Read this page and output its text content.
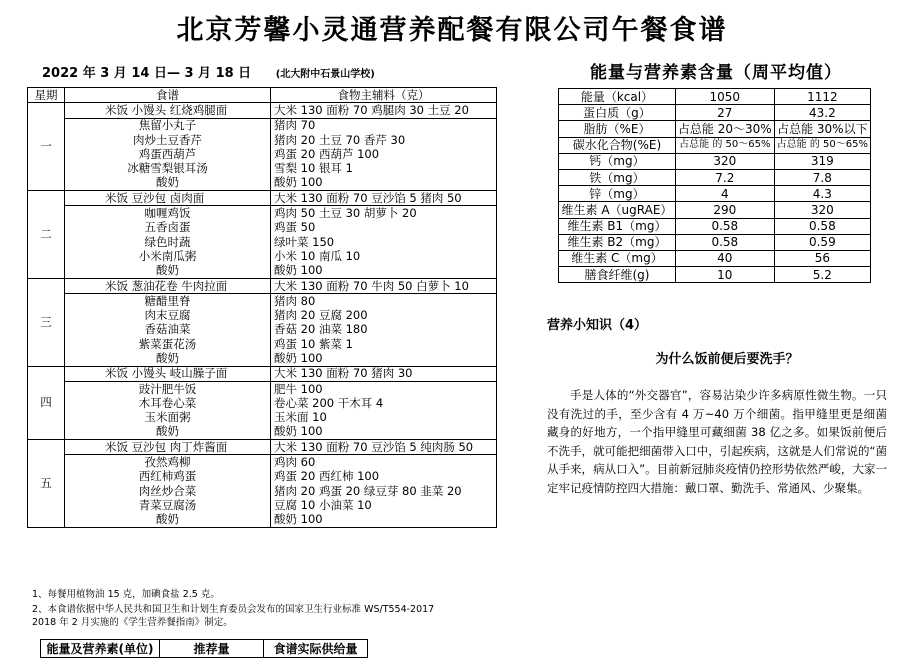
北京芳馨小灵通营养配餐有限公司午餐食谱
2022 年 3 月 14 日— 3 月 18 日 (北大附中石景山学校)	能量与营养素含量（周平均值）
星期	食谱	食物主辅料（克）
一	米饭 小馒头 红烧鸡腿面	大米 130 面粉 70 鸡腿肉 30 土豆 20
	焦留小丸子	猪肉 70
	肉炒土豆香芹	猪肉 20 土豆 70 香芹 30
	鸡蛋西葫芦	鸡蛋 20 西葫芦 100
	冰糖雪梨银耳汤	雪梨 10 银耳 1
	酸奶	酸奶 100
二	米饭 豆沙包 卤肉面	大米 130 面粉 70 豆沙馅 5 猪肉 50
	咖喱鸡饭	鸡肉 50 土豆 30 胡萝卜 20
	五香卤蛋	鸡蛋 50
	绿色时蔬	绿叶菜 150
	小米南瓜粥	小米 10 南瓜 10
	酸奶	酸奶 100
三	米饭 葱油花卷 牛肉拉面	大米 130 面粉 70 牛肉 50 白萝卜 10
	糖醋里脊	猪肉 80
	肉末豆腐	猪肉 20 豆腐 200
	香菇油菜	香菇 20 油菜 180
	紫菜蛋花汤	鸡蛋 10 紫菜 1
	酸奶	酸奶 100
四	米饭 小馒头 岐山臊子面	大米 130 面粉 70 猪肉 30
	豉汁肥牛饭	肥牛 100
	木耳卷心菜	卷心菜 200 干木耳 4
	玉米面粥	玉米面 10
	酸奶	酸奶 100
五	米饭 豆沙包 肉丁炸酱面	大米 130 面粉 70 豆沙馅 5 纯肉肠 50
	孜然鸡柳	鸡肉 60
	西红柿鸡蛋	鸡蛋 20 西红柿 100
	肉丝炒合菜	猪肉 20 鸡蛋 20 绿豆芽 80 韭菜 20
	青菜豆腐汤	豆腐 10 小油菜 10
	酸奶	酸奶 100
1、每餐用植物油 15 克，加碘食盐 2.5 克。
2、本食谱依据中华人民共和国卫生和计划生育委员会发布的国家卫生行业标准 WS/T554-2017
2018 年 2 月实施的《学生营养餐指南》制定。
能量（kcal）	1050	1112
蛋白质（g）	27	43.2
脂肪（%E）	占总能 20～30%	占总能 30%以下
碳水化合物(%E)	占总能 的 50～65%	占总能 的 50～65%
钙（mg）	320	319
铁（mg）	7.2	7.8
锌（mg）	4	4.3
维生素 A（ugRAE）	290	320
维生素 B1（mg）	0.58	0.58
维生素 B2（mg）	0.58	0.59
维生素 C（mg）	40	56
膳食纤维(g)	10	5.2
营养小知识（4）
为什么饭前便后要洗手？
手是人体的“外交器官”，容易沾染少许多病原性微生物。一只没有洗过的手，至少含有 4 万~40 万个细菌。指甲缝里更是细菌藏身的好地方，一个指甲缝里可藏细菌 38 亿之多。如果饭前便后不洗手，就可能把细菌带入口中，引起疾病，这就是人们常说的“菌从手来，病从口入”。目前新冠肺炎疫情仍控形势依然严峻，大家一定牢记疫情防控四大措施：戴口罩、勤洗手、常通风、少聚集。
能量及营养素(单位)	推荐量	食谱实际供给量
